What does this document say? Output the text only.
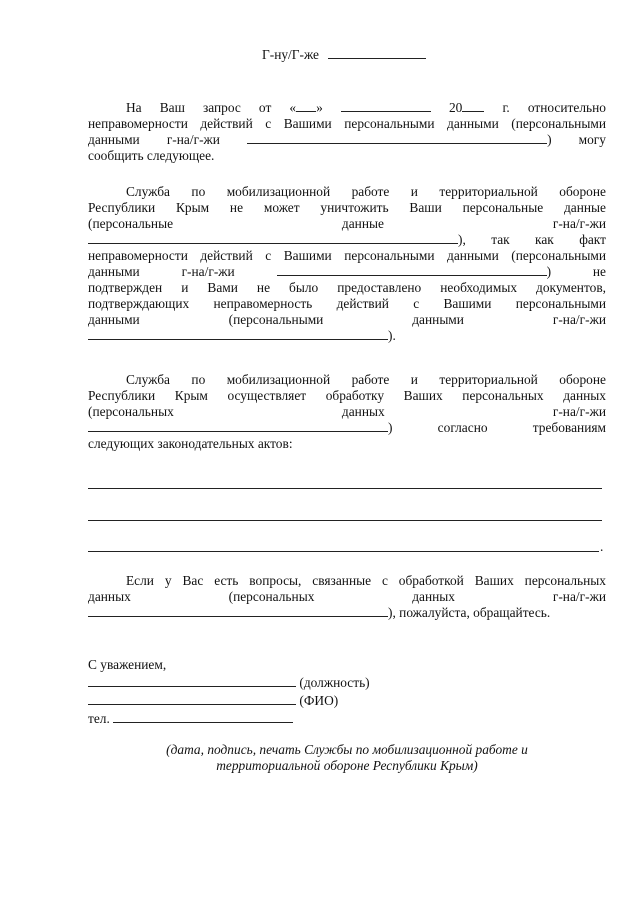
Г-ну/Г-же
На Ваш запрос от « »	20	г. относительно
неправомерности действий с Вашими персональными данными (персональными
данными г-на/г-жи	) могу
сообщить следующее.
Служба по мобилизационной работе и территориальной обороне
Республики Крым не может уничтожить Ваши персональные данные
(персональные данные г-на/г-жи
), так как факт
неправомерности действий с Вашими персональными данными (персональными
данными г-на/г-жи	) не
подтвержден и Вами не было предоставлено необходимых документов,
подтверждающих неправомерность действий с Вашими персональными
данными (персональными данными г-на/г-жи
).
Служба по мобилизационной работе и территориальной обороне
Республики Крым осуществляет обработку Ваших персональных данных
(персональных данных г-на/г-жи
) согласно требованиям
следующих законодательных актов:
.
Если у Вас есть вопросы, связанные с обработкой Ваших персональных
данных (персональных данных г-на/г-жи
), пожалуйста, обращайтесь.
С уважением,
(должность)
(ФИО)
тел.
(дата, подпись, печать Службы по мобилизационной работе и
территориальной обороне Республики Крым)
